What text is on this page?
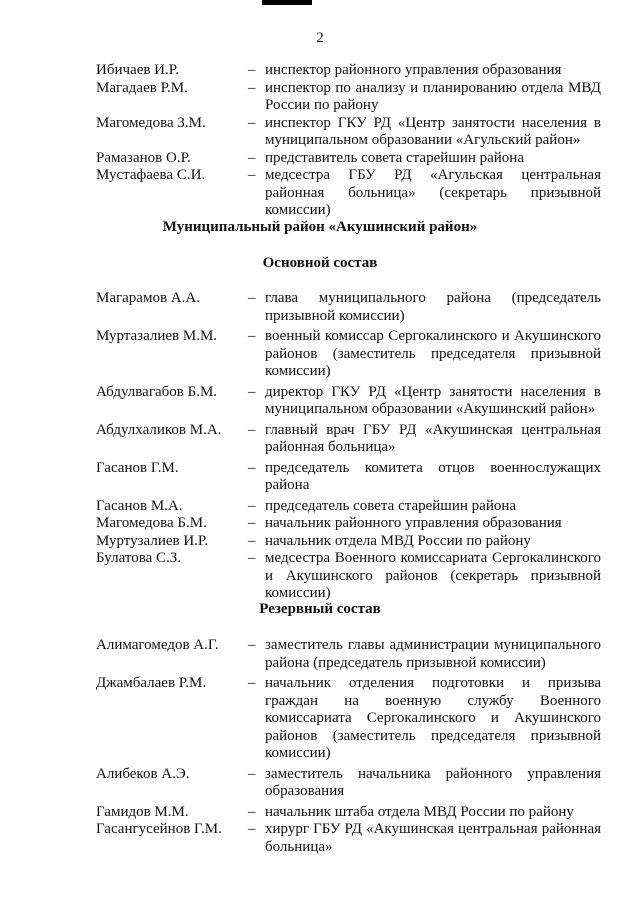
2
Ибичаев И.Р.	– инспектор районного управления образования
Магадаев Р.М.	– инспектор по анализу и планированию отдела МВД России по району
Магомедова З.М.	– инспектор ГКУ РД «Центр занятости населения в муниципальном образовании «Агульский район»
Рамазанов О.Р.	– представитель совета старейшин района
Мустафаева С.И.	– медсестра ГБУ РД «Агульская центральная районная больница» (секретарь призывной комиссии)
Муниципальный район «Акушинский район»
Основной состав
Магарамов А.А.	– глава муниципального района (председатель призывной комиссии)
Муртазалиев М.М.	– военный комиссар Сергокалинского и Акушинского районов (заместитель председателя призывной комиссии)
Абдулвагабов Б.М.	– директор ГКУ РД «Центр занятости населения в муниципальном образовании «Акушинский район»
Абдулхаликов М.А.	– главный врач ГБУ РД «Акушинская центральная районная больница»
Гасанов Г.М.	– председатель комитета отцов военнослужащих района
Гасанов М.А.	– председатель совета старейшин района
Магомедова Б.М.	– начальник районного управления образования
Муртузалиев И.Р.	– начальник отдела МВД России по району
Булатова С.З.	– медсестра Военного комиссариата Сергокалинского и Акушинского районов (секретарь призывной комиссии)
Резервный состав
Алимагомедов А.Г.	– заместитель главы администрации муниципального района (председатель призывной комиссии)
Джамбалаев Р.М.	– начальник отделения подготовки и призыва граждан на военную службу Военного комиссариата Сергокалинского и Акушинского районов (заместитель председателя призывной комиссии)
Алибеков А.Э.	– заместитель начальника районного управления образования
Гамидов М.М.	– начальник штаба отдела МВД России по району
Гасангусейнов Г.М.	– хирург ГБУ РД «Акушинская центральная районная больница»
